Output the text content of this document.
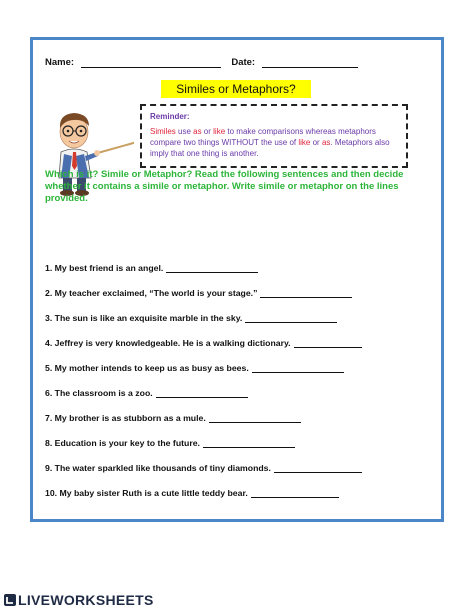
Name:	Date:
Similes or Metaphors?
Reminder:
Similes use as or like to make comparisons whereas metaphors compare two things WITHOUT the use of like or as. Metaphors also imply that one thing is another.
Which is it? Simile or Metaphor? Read the following sentences and then decide whether it contains a simile or metaphor. Write simile or metaphor on the lines provided.
1. My best friend is an angel.
2. My teacher exclaimed, “The world is your stage.”
3. The sun is like an exquisite marble in the sky.
4. Jeffrey is very knowledgeable. He is a walking dictionary.
5. My mother intends to keep us as busy as bees.
6. The classroom is a zoo.
7. My brother is as stubborn as a mule.
8. Education is your key to the future.
9. The water sparkled like thousands of tiny diamonds.
10. My baby sister Ruth is a cute little teddy bear.
LIVEWORKSHEETS
